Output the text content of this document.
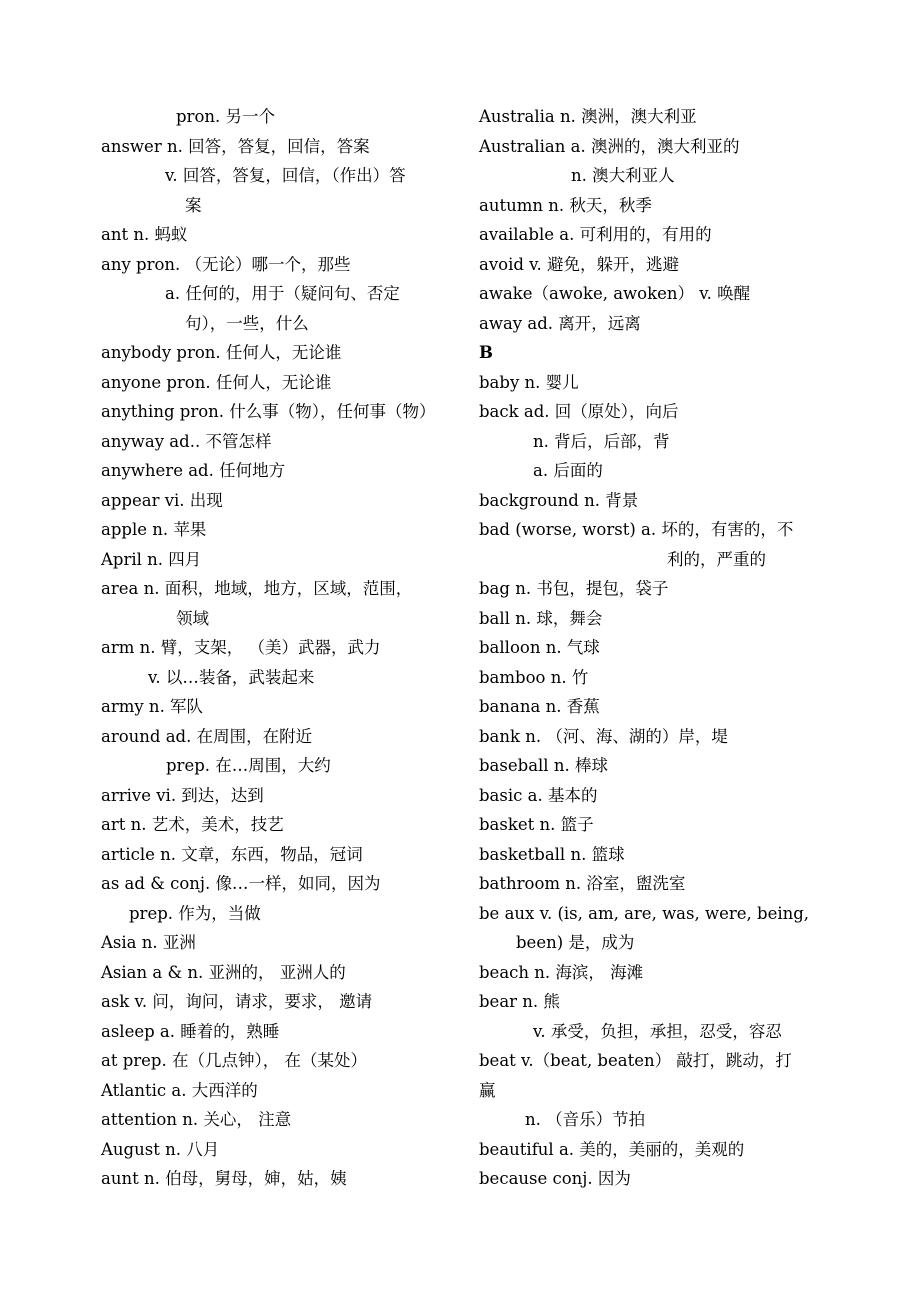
pron. 另一个
answer n. 回答，答复，回信，答案
v. 回答，答复，回信，（作出）答
案
ant n. 蚂蚁
any pron. （无论）哪一个，那些
a. 任何的，用于（疑问句、否定
句），一些，什么
anybody pron. 任何人，无论谁
anyone pron. 任何人，无论谁
anything pron. 什么事（物），任何事（物）
anyway ad.. 不管怎样
anywhere ad. 任何地方
appear vi. 出现
apple n. 苹果
April n. 四月
area n. 面积，地域，地方，区域，范围，
领域
arm n. 臂，支架， （美）武器，武力
v. 以…装备，武装起来
army n. 军队
around ad. 在周围，在附近
prep. 在…周围，大约
arrive vi. 到达，达到
art n. 艺术，美术，技艺
article n. 文章，东西，物品，冠词
as ad & conj. 像…一样，如同，因为
prep. 作为，当做
Asia n. 亚洲
Asian a & n. 亚洲的， 亚洲人的
ask v. 问，询问，请求，要求， 邀请
asleep a. 睡着的，熟睡
at prep. 在（几点钟）， 在（某处）
Atlantic a. 大西洋的
attention n. 关心， 注意
August n. 八月
aunt n. 伯母，舅母，婶，姑，姨
Australia n. 澳洲，澳大利亚
Australian a. 澳洲的，澳大利亚的
n. 澳大利亚人
autumn n. 秋天，秋季
available a. 可利用的，有用的
avoid v. 避免，躲开，逃避
awake（awoke, awoken） v. 唤醒
away ad. 离开，远离
B
baby n. 婴儿
back ad. 回（原处），向后
n. 背后，后部，背
a. 后面的
background n. 背景
bad (worse, worst) a. 坏的，有害的，不
利的，严重的
bag n. 书包，提包，袋子
ball n. 球，舞会
balloon n. 气球
bamboo n. 竹
banana n. 香蕉
bank n. （河、海、湖的）岸，堤
baseball n. 棒球
basic a. 基本的
basket n. 篮子
basketball n. 篮球
bathroom n. 浴室，盥洗室
be aux v. (is, am, are, was, were, being,
been) 是，成为
beach n. 海滨， 海滩
bear n. 熊
v. 承受，负担，承担，忍受，容忍
beat v.（beat, beaten） 敲打，跳动，打
赢
n. （音乐）节拍
beautiful a. 美的，美丽的，美观的
because conj. 因为
